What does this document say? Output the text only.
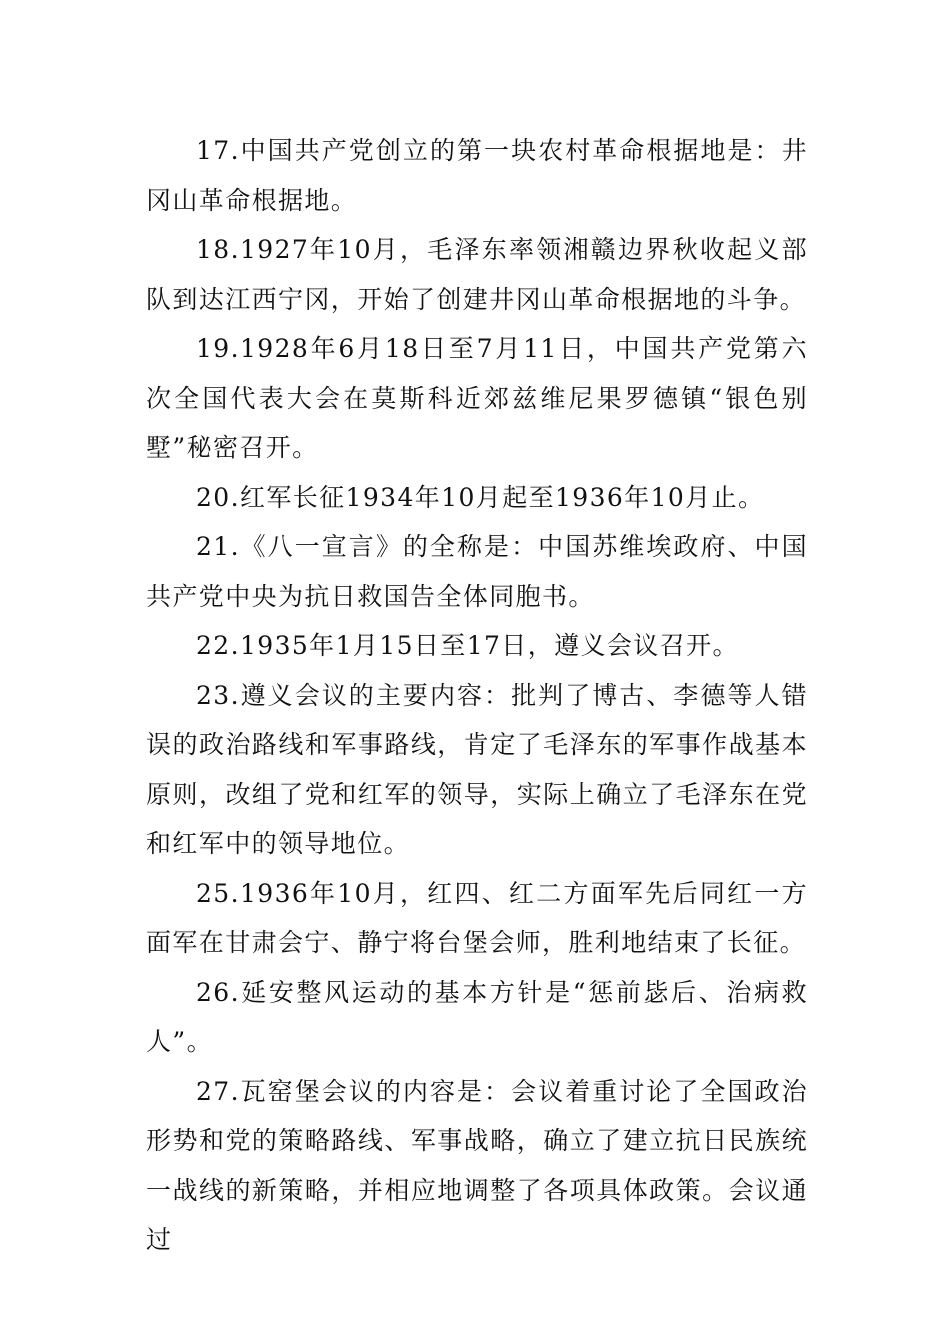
17.中国共产党创立的第一块农村革命根据地是：井冈山革命根据地。

18.1927年10月，毛泽东率领湘赣边界秋收起义部队到达江西宁冈，开始了创建井冈山革命根据地的斗争。

19.1928年6月18日至7月11日，中国共产党第六次全国代表大会在莫斯科近郊兹维尼果罗德镇“银色别墅”秘密召开。

20.红军长征1934年10月起至1936年10月止。

21.《八一宣言》的全称是：中国苏维埃政府、中国共产党中央为抗日救国告全体同胞书。

22.1935年1月15日至17日，遵义会议召开。

23.遵义会议的主要内容：批判了博古、李德等人错误的政治路线和军事路线，肯定了毛泽东的军事作战基本原则，改组了党和红军的领导，实际上确立了毛泽东在党和红军中的领导地位。

25.1936年10月，红四、红二方面军先后同红一方面军在甘肃会宁、静宁将台堡会师，胜利地结束了长征。

26.延安整风运动的基本方针是“惩前毖后、治病救人”。

27.瓦窑堡会议的内容是：会议着重讨论了全国政治形势和党的策略路线、军事战略，确立了建立抗日民族统一战线的新策略，并相应地调整了各项具体政策。会议通过
